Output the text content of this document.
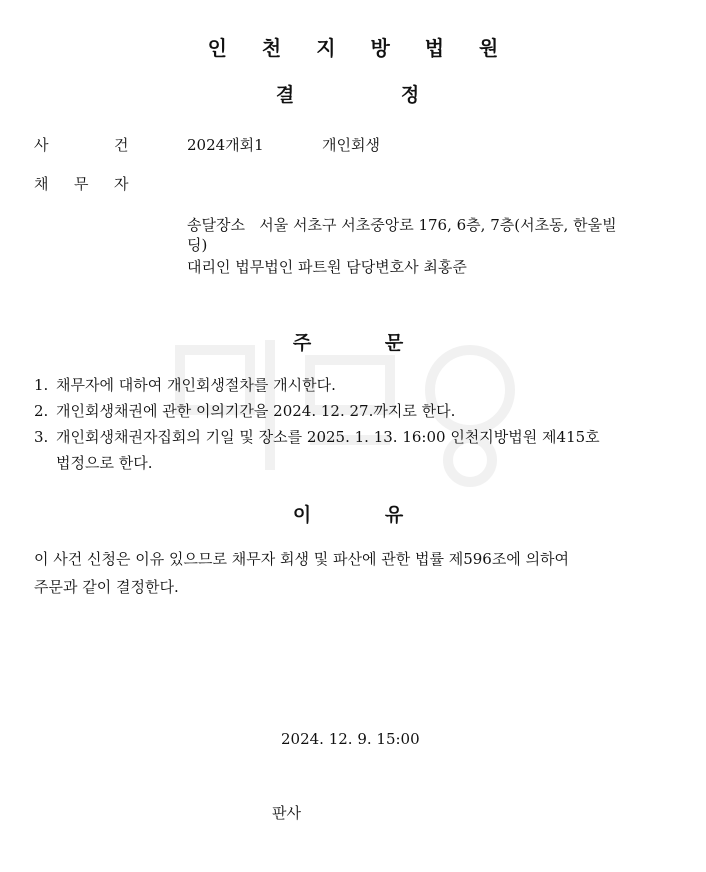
인 천 지 방 법 원
결	정
사	건	2024개회1	개인회생
채 무 자
송달장소   서울 서초구 서초중앙로 176, 6층, 7층(서초동, 한울빌
딩)
대리인 법무법인 파트원 담당변호사 최홍준
주	문
1. 채무자에 대하여 개인회생절차를 개시한다.
2. 개인회생채권에 관한 이의기간을 2024. 12. 27.까지로 한다.
3. 개인회생채권자집회의 기일 및 장소를 2025. 1. 13. 16:00 인천지방법원 제415호
법정으로 한다.
이	유
이 사건 신청은 이유 있으므로 채무자 회생 및 파산에 관한 법률 제596조에 의하여
주문과 같이 결정한다.
2024. 12. 9. 15:00
판사
